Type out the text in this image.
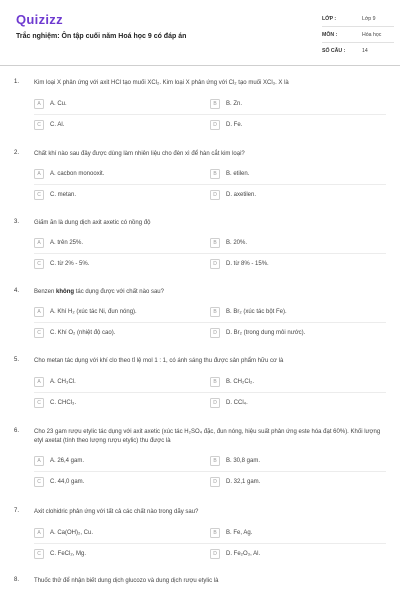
Quizizz
Trắc nghiệm: Ôn tập cuối năm Hoá học 9 có đáp án
LỚP :	Lớp 9
MÔN :	Hóa học
SỐ CÂU :	14
1. Kim loại X phản ứng với axit HCl tạo muối XCl₂. Kim loại X phản ứng với Cl₂ tạo muối XCl₃. X là
A	A. Cu.	B	B. Zn.
C	C. Al.	D	D. Fe.
2. Chất khí nào sau đây được dùng làm nhiên liệu cho đèn xì để hàn cắt kim loại?
A	A. cacbon monooxit.	B	B. etilen.
C	C. metan.	D	D. axetilen.
3. Giấm ăn là dung dịch axit axetic có nồng độ
A	A. trên 25%.	B	B. 20%.
C	C. từ 2% - 5%.	D	D. từ 8% - 15%.
4. Benzen không tác dụng được với chất nào sau?
A	A. Khí H₂ (xúc tác Ni, đun nóng).	B	B. Br₂ (xúc tác bột Fe).
C	C. Khí O₂ (nhiệt độ cao).	D	D. Br₂ (trong dung môi nước).
5. Cho metan tác dụng với khí clo theo tỉ lệ mol 1 : 1, có ánh sáng thu được sản phẩm hữu cơ là
A	A. CH₃Cl.	B	B. CH₂Cl₂.
C	C. CHCl₃.	D	D. CCl₄.
6. Cho 23 gam rượu etylic tác dụng với axit axetic (xúc tác H₂SO₄ đặc, đun nóng, hiệu suất phản ứng este hóa đạt 60%). Khối lượng etyl axetat (tính theo lượng rượu etylic) thu được là
A	A. 26,4 gam.	B	B. 30,8 gam.
C	C. 44,0 gam.	D	D. 32,1 gam.
7. Axit clohidric phản ứng với tất cả các chất nào trong dãy sau?
A	A. Ca(OH)₂, Cu.	B	B. Fe, Ag.
C	C. FeCl₂, Mg.	D	D. Fe₂O₃, Al.
8. Thuốc thử để nhận biết dung dịch glucozo và dung dịch rượu etylic là
